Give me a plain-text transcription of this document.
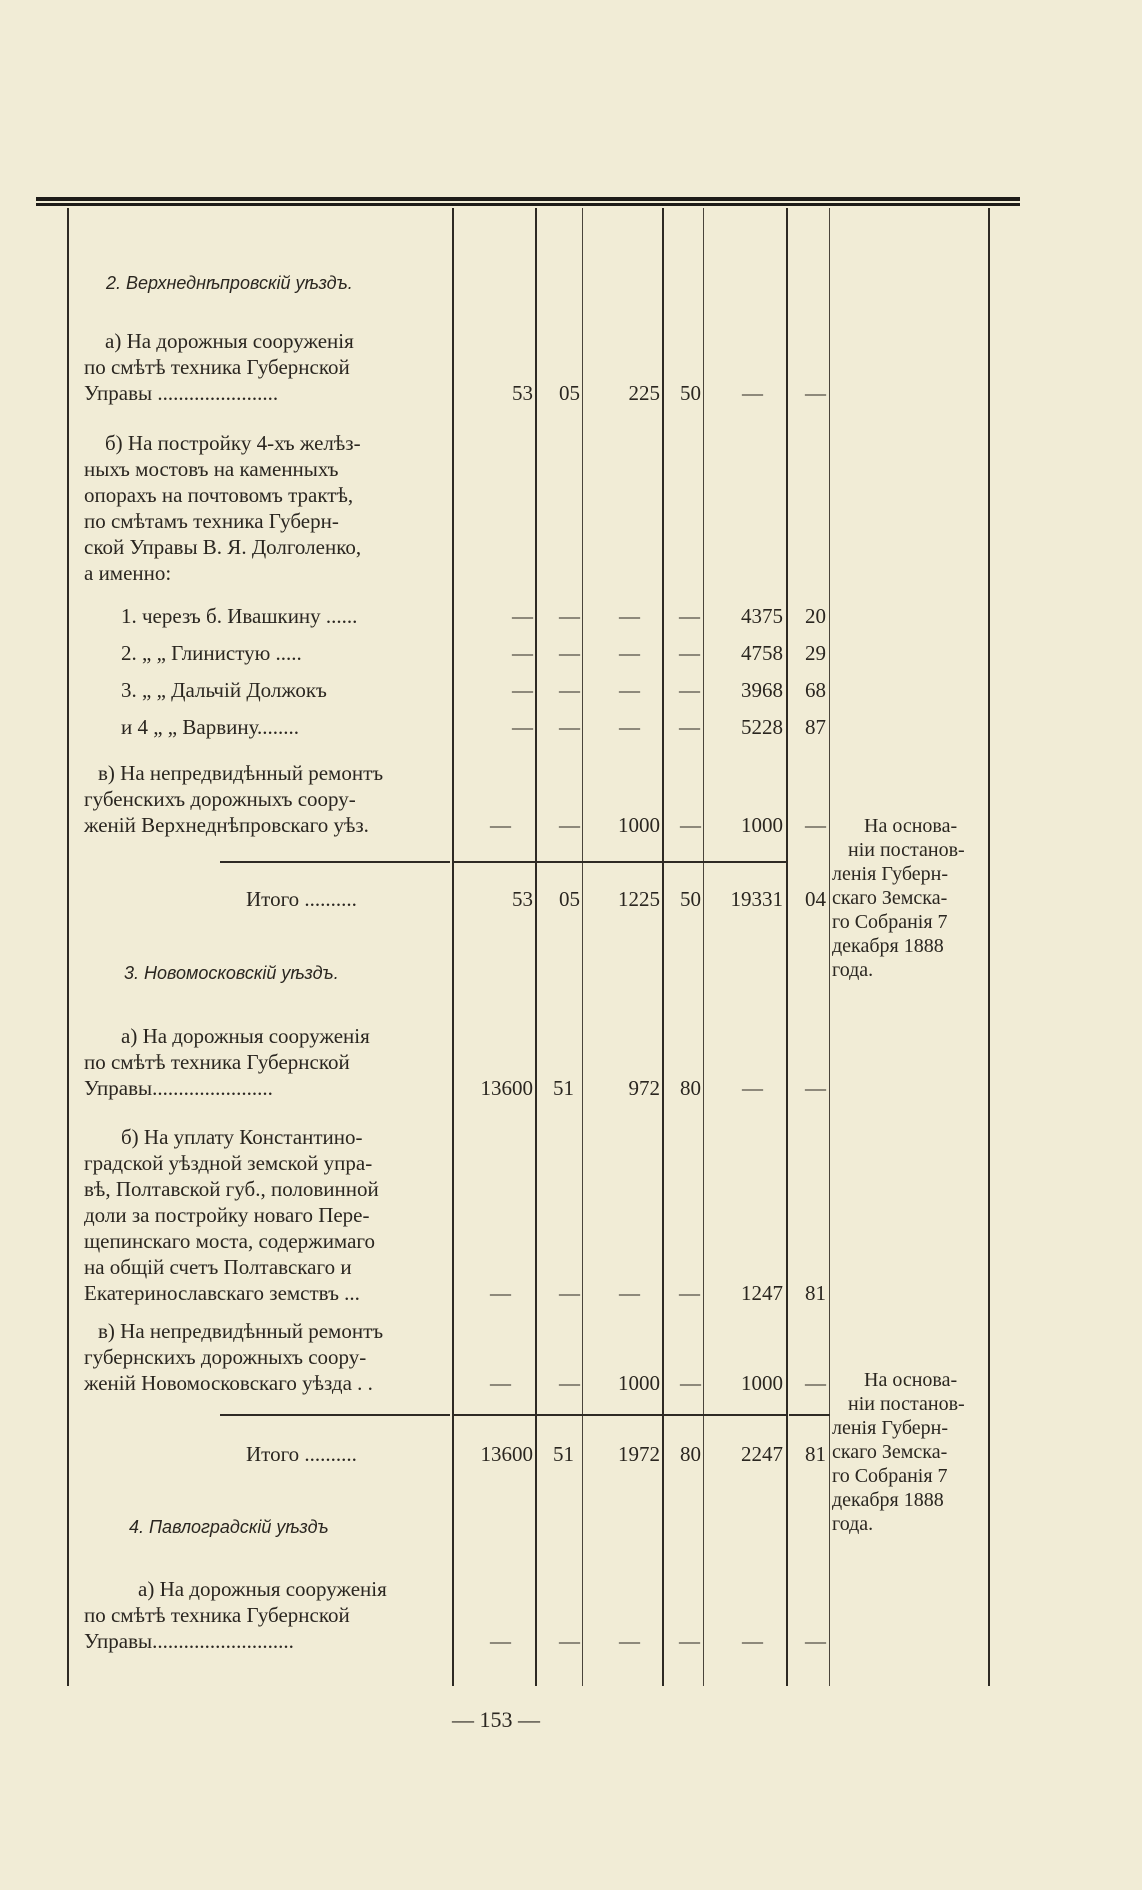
2. Верхнеднѣпровскій уѣздъ.

а) На дорожныя сооруженія

по смѣтѣ техника Губернской

Управы .......................	53	05	225 50	—	—

б) На постройку 4-хъ желѣз-

ныхъ мостовъ на каменныхъ

опорахъ на почтовомъ трактѣ,

по смѣтамъ техника Губерн-

ской Управы В. Я. Долголенко,

а именно:

1. черезъ б. Ивашкину ......	—	—	—	—	4375	20

2. „ „ Глинистую .....	—	—	—	—	4758	29

3. „ „ Дальчій Должокъ	—	—	—	—	3968	68

и 4 „ „ Варвину........	—	—	—	—	5228	87

в) На непредвидѣнный ремонтъ

губенскихъ дорожныхъ соору-

женій Верхнеднѣпровскаго уѣз.	—	—	1000 —	1000	—

Итого ..........	53	05	1225 50	19331	04

На основа-

ніи постанов-

ленія Губерн-

скаго Земска-

го Собранія 7

декабря 1888

года.

3. Новомосковскій уѣздъ.

а) На дорожныя сооруженія

по смѣтѣ техника Губернской

Управы.......................	13600 51	972 80	—	—

б) На уплату Константино-

градской уѣздной земской упра-

вѣ, Полтавской губ., половинной

доли за постройку новаго Пере-

щепинскаго моста, содержимаго

на общій счетъ Полтавскаго и

Екатеринославскаго земствъ ...	—	—	—	—	1247	81

в) На непредвидѣнный ремонтъ

губернскихъ дорожныхъ соору-

женій Новомосковскаго уѣзда . .	—	—	1000 —	1000	—

Итого ..........	13600 51	1972 80	2247	81

На основа-

ніи постанов-

ленія Губерн-

скаго Земска-

го Собранія 7

декабря 1888

года.

4. Павлоградскій уѣздъ

а) На дорожныя сооруженія

по смѣтѣ техника Губернской

Управы...........................	—	—	—	—	—	—

— 153 —
